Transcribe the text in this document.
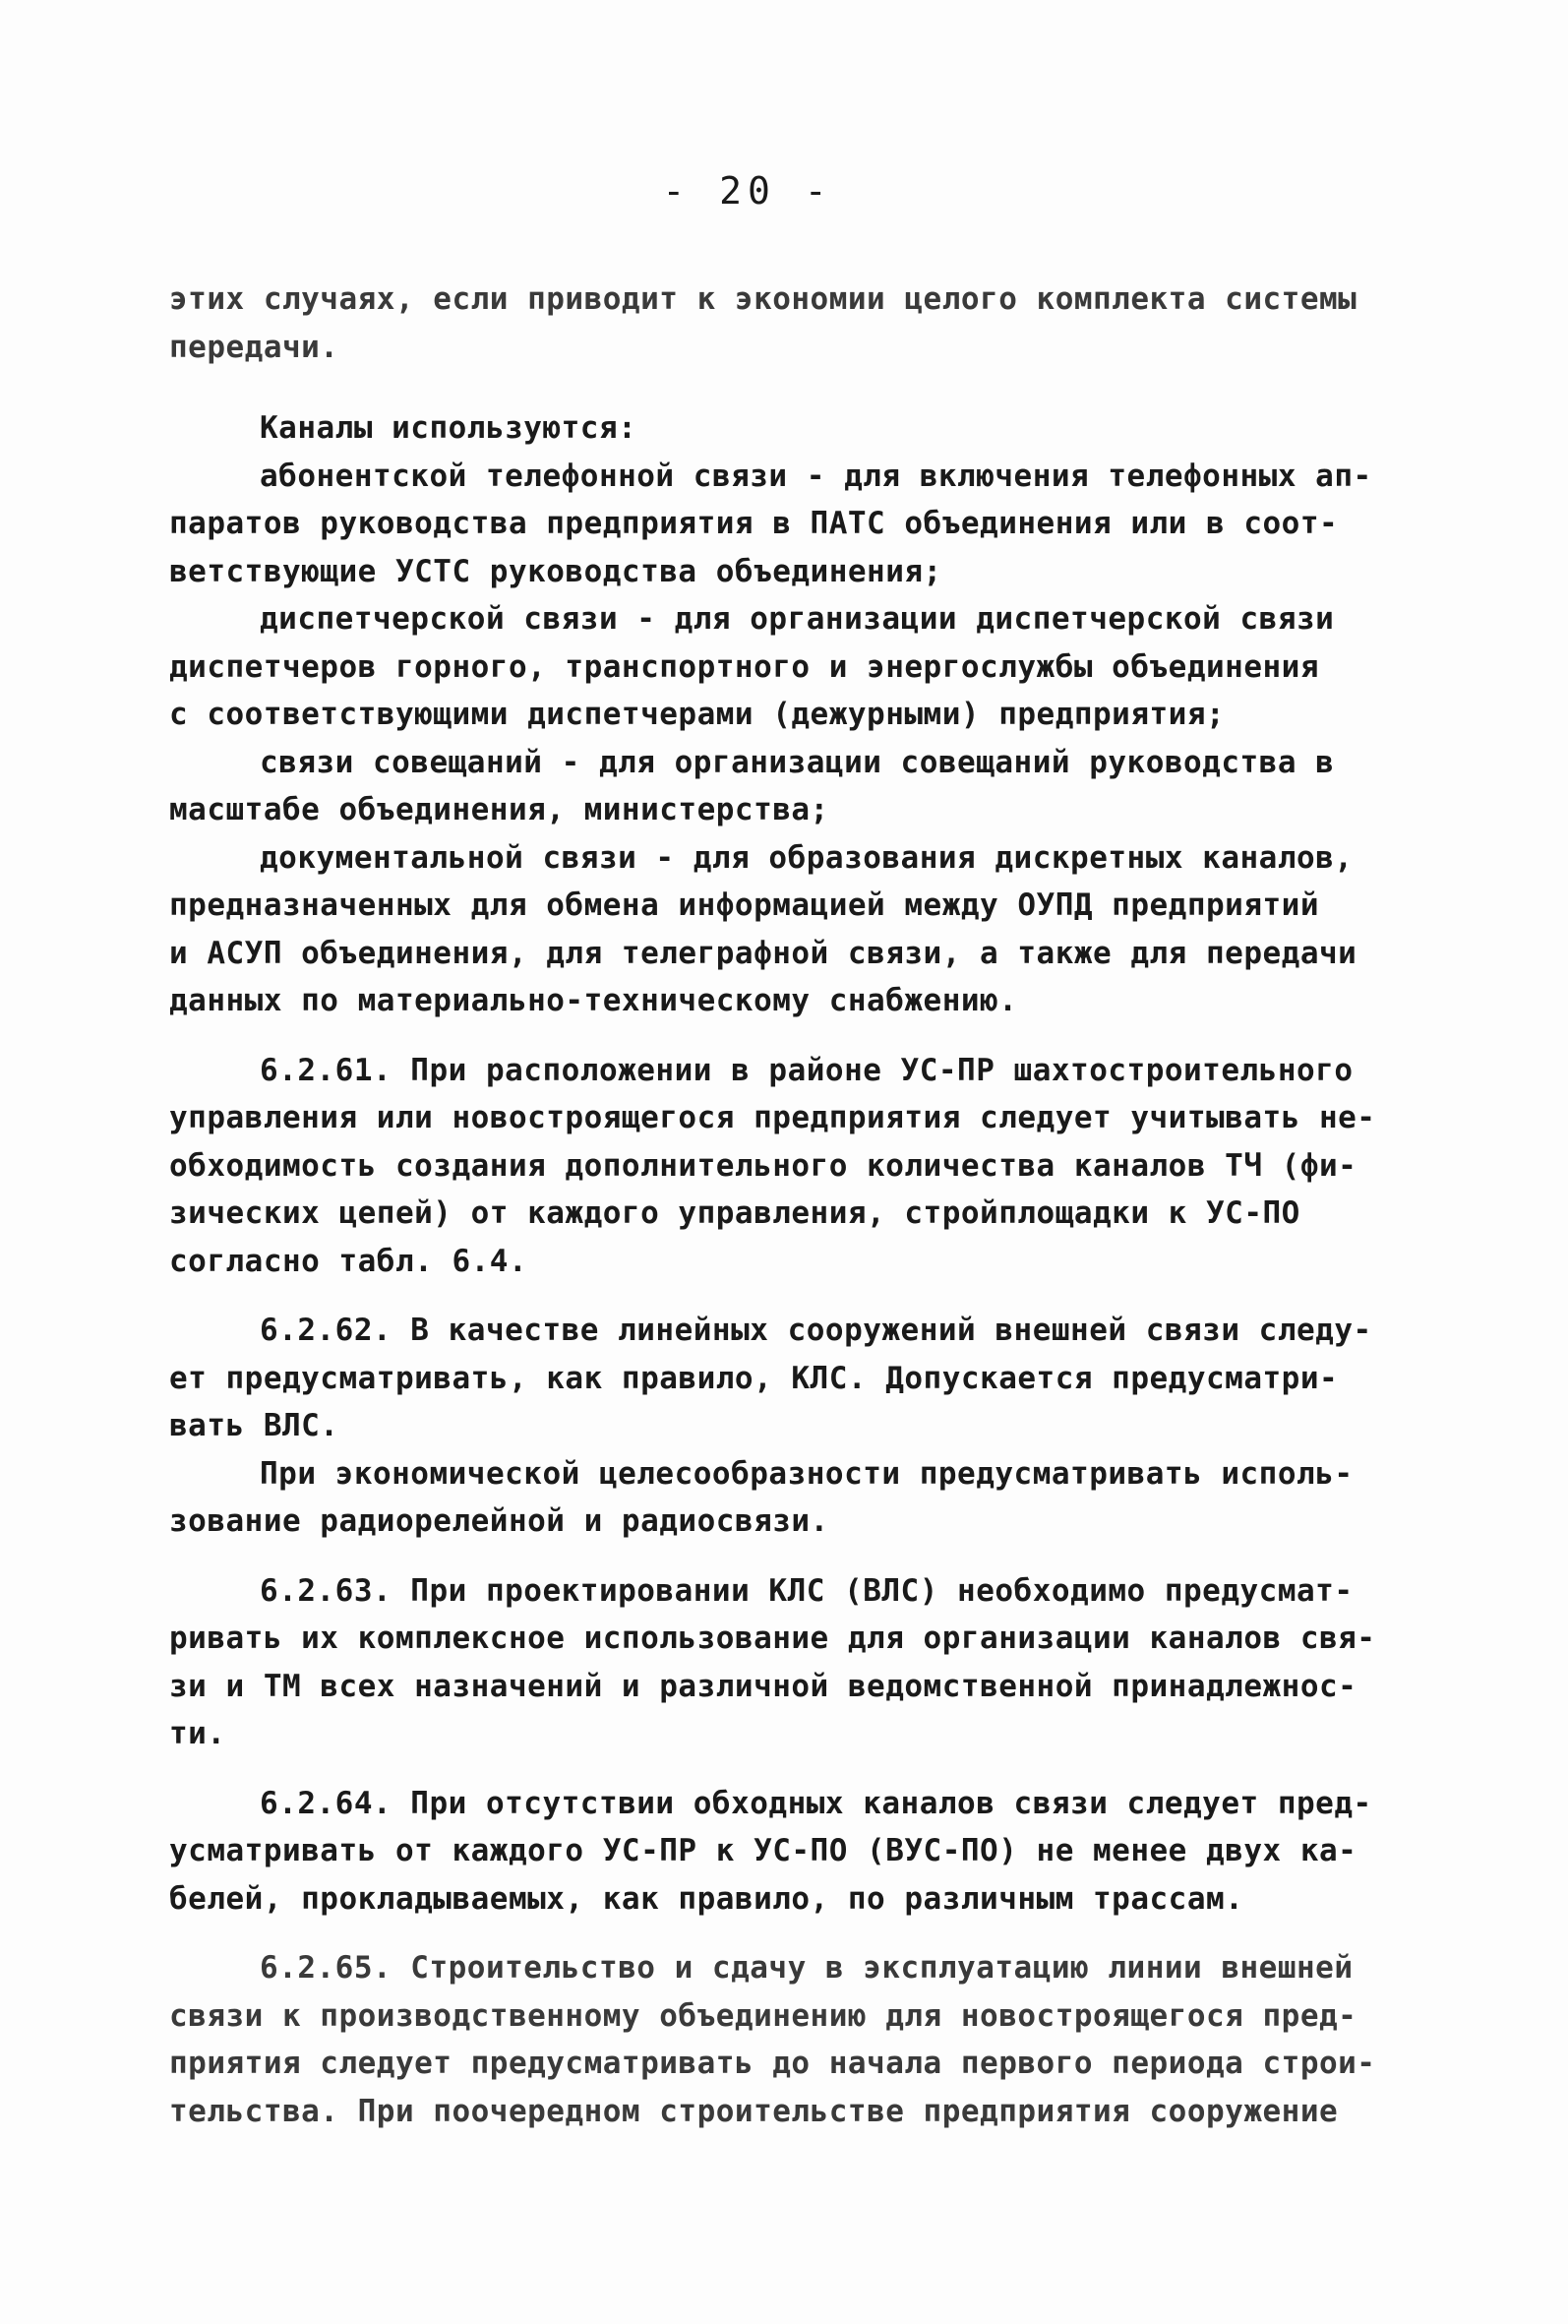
- 20 -
этих случаях, если приводит к экономии целого комплекта системы
передачи.
Каналы используются:
абонентской телефонной связи - для включения телефонных ап-
паратов руководства предприятия в ПАТС объединения или в соот-
ветствующие УСТС руководства объединения;
диспетчерской связи - для организации диспетчерской связи
диспетчеров горного, транспортного и энергослужбы объединения
с соответствующими диспетчерами (дежурными) предприятия;
связи совещаний - для организации совещаний руководства в
масштабе объединения, министерства;
документальной связи - для образования дискретных каналов,
предназначенных для обмена информацией между ОУПД предприятий
и АСУП объединения, для телеграфной связи, а также для передачи
данных по материально-техническому снабжению.
6.2.61. При расположении в районе УС-ПР шахтостроительного
управления или новостроящегося предприятия следует учитывать не-
обходимость создания дополнительного количества каналов ТЧ (фи-
зических цепей) от каждого управления, стройплощадки к УС-ПО
согласно табл. 6.4.
6.2.62. В качестве линейных сооружений внешней связи следу-
ет предусматривать, как правило, КЛС. Допускается предусматри-
вать ВЛС.
При экономической целесообразности предусматривать исполь-
зование радиорелейной и радиосвязи.
6.2.63. При проектировании КЛС (ВЛС) необходимо предусмат-
ривать их комплексное использование для организации каналов свя-
зи и ТМ всех назначений и различной ведомственной принадлежнос-
ти.
6.2.64. При отсутствии обходных каналов связи следует пред-
усматривать от каждого УС-ПР к УС-ПО (ВУС-ПО) не менее двух ка-
белей, прокладываемых, как правило, по различным трассам.
6.2.65. Строительство и сдачу в эксплуатацию линии внешней
связи к производственному объединению для новостроящегося пред-
приятия следует предусматривать до начала первого периода строи-
тельства. При поочередном строительстве предприятия сооружение
